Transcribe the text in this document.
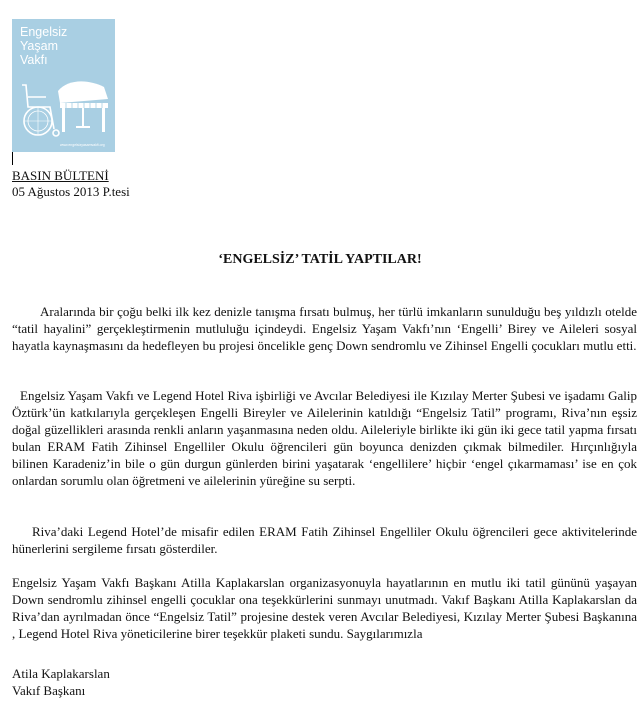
Engelsiz
Yaşam
Vakfı
www.engelsizyasamvakfi.org

BASIN BÜLTENİ
05 Ağustos 2013 P.tesi

‘ENGELSİZ’ TATİL YAPTILAR!

Aralarında bir çoğu belki ilk kez denizle tanışma fırsatı bulmuş, her türlü imkanların sunulduğu beş yıldızlı otelde “tatil hayalini” gerçekleştirmenin mutluluğu içindeydi. Engelsiz Yaşam Vakfı’nın ‘Engelli’ Birey ve Aileleri sosyal hayatla kaynaşmasını da hedefleyen bu projesi öncelikle genç Down sendromlu ve Zihinsel Engelli çocukları mutlu etti.

Engelsiz Yaşam Vakfı ve Legend Hotel Riva işbirliği ve Avcılar Belediyesi ile Kızılay Merter Şubesi ve işadamı Galip Öztürk’ün katkılarıyla gerçekleşen Engelli Bireyler ve Ailelerinin katıldığı “Engelsiz Tatil” programı, Riva’nın eşsiz doğal güzellikleri arasında renkli anların yaşanmasına neden oldu. Aileleriyle birlikte iki gün iki gece tatil yapma fırsatı bulan ERAM Fatih Zihinsel Engelliler Okulu öğrencileri gün boyunca denizden çıkmak bilmediler. Hırçınlığıyla bilinen Karadeniz’in bile o gün durgun günlerden birini yaşatarak ‘engellilere’ hiçbir ‘engel çıkarmaması’ ise en çok onlardan sorumlu olan öğretmeni ve ailelerinin yüreğine su serpti.

Riva’daki Legend Hotel’de misafir edilen ERAM Fatih Zihinsel Engelliler Okulu öğrencileri gece aktivitelerinde hünerlerini sergileme fırsatı gösterdiler.

Engelsiz Yaşam Vakfı Başkanı Atilla Kaplakarslan organizasyonuyla hayatlarının en mutlu iki tatil gününü yaşayan Down sendromlu zihinsel engelli çocuklar ona teşekkürlerini sunmayı unutmadı. Vakıf Başkanı Atilla Kaplakarslan da Riva’dan ayrılmadan önce “Engelsiz Tatil” projesine destek veren Avcılar Belediyesi, Kızılay Merter Şubesi Başkanına , Legend Hotel Riva yöneticilerine birer teşekkür plaketi sundu. Saygılarımızla

Atila Kaplakarslan
Vakıf Başkanı
